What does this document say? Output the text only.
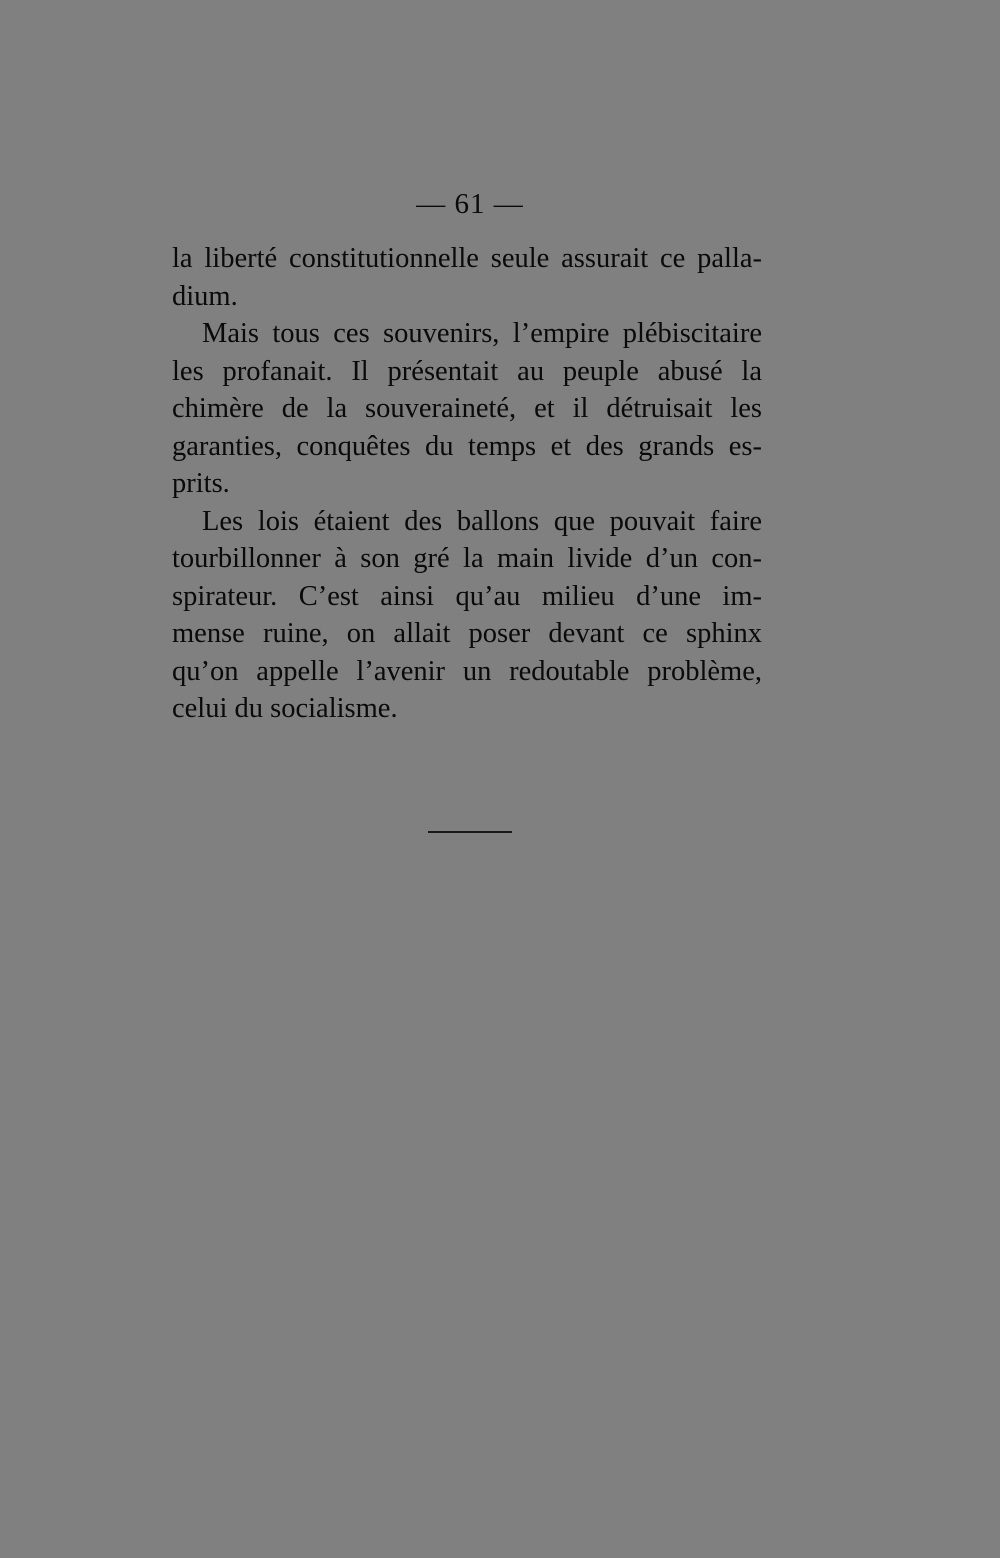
— 61 —
la liberté constitutionnelle seule assurait ce palla-
dium.
Mais tous ces souvenirs, l’empire plébiscitaire
les profanait. Il présentait au peuple abusé la
chimère de la souveraineté, et il détruisait les
garanties, conquêtes du temps et des grands es-
prits.
Les lois étaient des ballons que pouvait faire
tourbillonner à son gré la main livide d’un con-
spirateur. C’est ainsi qu’au milieu d’une im-
mense ruine, on allait poser devant ce sphinx
qu’on appelle l’avenir un redoutable problème,
celui du socialisme.
